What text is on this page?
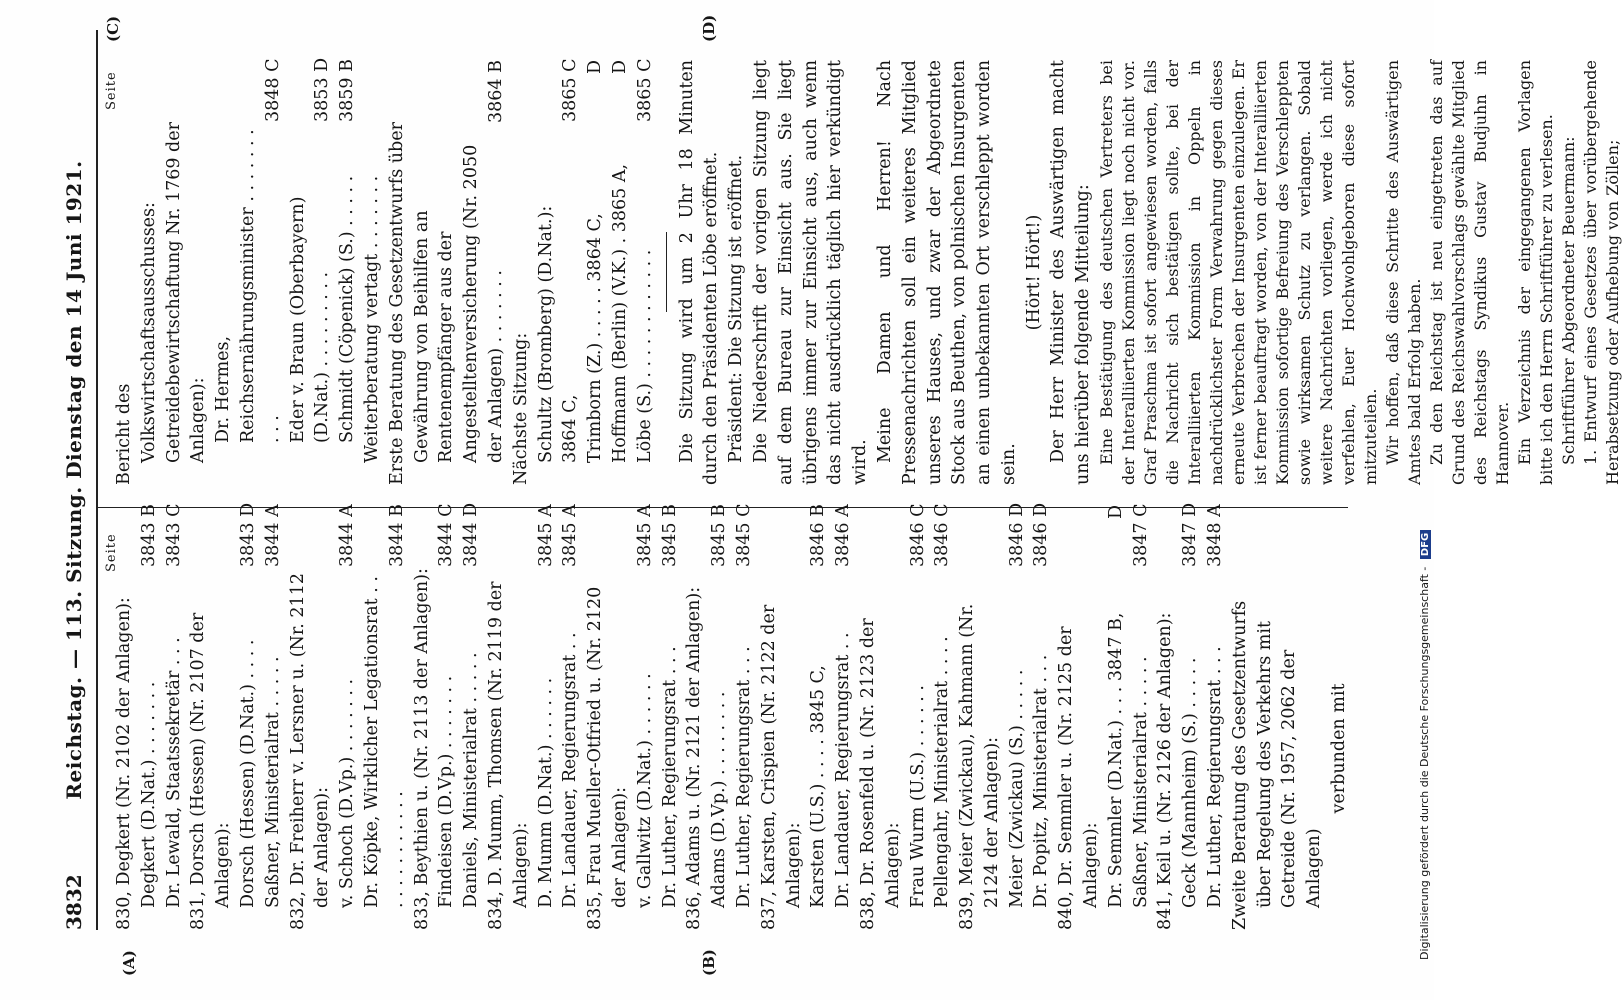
3832
Reichstag. — 113. Sitzung. Dienstag den 14 Juni 1921. Seite
Seite
(A)	(B)
(C)	(D)
830, Degkert (Nr. 2102 der Anlagen): Degkert (D.Nat.) . . . . . . .
3843 B
Dr. Lewald, Staatssekretär . . .
3843 C
831, Dorsch (Hessen) (Nr. 2107 der Anlagen): Dorsch (Hessen) (D.Nat.) . . . .
3843 D
Saßner, Ministerialrat . . . . .
3844 A
832, Dr. Freiherr v. Lersner u. (Nr. 2112 der Anlagen): v. Schoch (D.Vp.) . . . . . . .
3844 A
Dr. Köpke, Wirklicher Legationsrat . . . . . . . . . . . . .
3844 B
833, Beythien u. (Nr. 2113 der Anlagen): Findeisen (D.Vp.) . . . . . . .
3844 C
Daniels, Ministerialrat . . . . .
3844 D
834, D. Mumm, Thomsen (Nr. 2119 der Anlagen): D. Mumm (D.Nat.) . . . . . .
3845 A
Dr. Landauer, Regierungsrat . .
3845 A
835, Frau Mueller-Otfried u. (Nr. 2120 der Anlagen): v. Gallwitz (D.Nat.) . . . . . .
3845 A
Dr. Luther, Regierungsrat . . .
3845 B
836, Adams u. (Nr. 2121 der Anlagen): Adams (D.Vp.) . . . . . . . .
3845 B
Dr. Luther, Regierungsrat . . .
3845 C
837, Karsten, Crispien (Nr. 2122 der Anlagen): Karsten (U.S.) . . . . 3845 C,
3846 B
Dr. Landauer, Regierungsrat . .
3846 A
838, Dr. Rosenfeld u. (Nr. 2123 der Anlagen): Frau Wurm (U.S.) . . . . . .
3846 C
Pellengahr, Ministerialrat . . . .
3846 C
839, Meier (Zwickau), Kahmann (Nr. 2124 der Anlagen): Meier (Zwickau) (S.) . . . . .
3846 D
Dr. Popitz, Ministerialrat . . .
3846 D
840, Dr. Semmler u. (Nr. 2125 der Anlagen): Dr. Semmler (D.Nat.) . . . 3847 B,
D
Saßner, Ministerialrat . . . . .
3847 C
841, Keil u. (Nr. 2126 der Anlagen): Geck (Mannheim) (S.) . . . . .
3847 D
Dr. Luther, Regierungsrat . . .
3848 A
Zweite Beratung des Gesetzentwurfs über Regelung des Verkehrs mit Getreide (Nr. 1957, 2062 der Anlagen)
verbunden mit
Bericht des Volkswirtschaftsausschusses: Getreidebewirtschaftung Nr. 1769 der Anlagen): Dr. Hermes, Reichsernährungsminister . . . . . . . . . .
3848 C
Eder v. Braun (Oberbayern) (D.Nat.) . . . . . . . . .
3853 D
Schmidt (Cöpenick) (S.) . . . . .
3859 B
Weiterberatung vertagt . . . . . . . Erste Beratung des Gesetzentwurfs über Gewährung von Beihilfen an Rentenempfänger aus der Angestelltenversicherung (Nr. 2050 der Anlagen) . . . . . . .
3864 B
Nächste Sitzung: Schultz (Bromberg) (D.Nat.): 3864 C,
3865 C
Trimborn (Z.) . . . . . 3864 C,
D
Hoffmann (Berlin) (V.K.) . 3865 A,
D
Löbe (S.) . . . . . . . . . . . .
3865 C Die Sitzung wird um 2 Uhr 18 Minuten durch den Präsidenten Löbe eröffnet. Präsident: Die Sitzung ist eröffnet. Die Niederschrift der vorigen Sitzung liegt auf dem Bureau zur Einsicht aus. Sie liegt übrigens immer zur Einsicht aus, auch wenn das nicht ausdrücklich täglich hier verkündigt wird. Meine Damen und Herren! Nach Pressenachrichten soll ein weiteres Mitglied unseres Hauses, und zwar der Abgeordnete Stock aus Beuthen, von polnischen Insurgenten an einen unbekannten Ort verschleppt worden sein.
(Hört! Hört!) Der Herr Minister des Auswärtigen macht uns hierüber folgende Mitteilung: Eine Bestätigung des deutschen Vertreters bei der Interalliierten Kommission liegt noch nicht vor. Graf Praschma ist sofort angewiesen worden, falls die Nachricht sich bestätigen sollte, bei der Interalliierten Kommission in Oppeln in nachdrücklichster Form Verwahrung gegen dieses erneute Verbrechen der Insurgenten einzulegen. Er ist ferner beauftragt worden, von der Interalliierten Kommission sofortige Befreiung des Verschleppten sowie wirksamen Schutz zu verlangen. Sobald weitere Nachrichten vorliegen, werde ich nicht verfehlen, Euer Hochwohlgeboren diese sofort mitzuteilen. Wir hoffen, daß diese Schritte des Auswärtigen Amtes bald Erfolg haben. Zu den Reichstag ist neu eingetreten das auf Grund des Reichswahlvorschlags gewählte Mitglied des Reichstags Syndikus Gustav Budjuhn in Hannover. Ein Verzeichnis der eingegangenen Vorlagen bitte ich den Herrn Schriftführer zu verlesen. Schriftführer Abgeordneter Beuermann: 1. Entwurf eines Gesetzes über vorübergehende Herabsetzung oder Aufhebung von Zöllen;

Digitalisierung gefördert durch die Deutsche Forschungsgemeinschaft - DFG
